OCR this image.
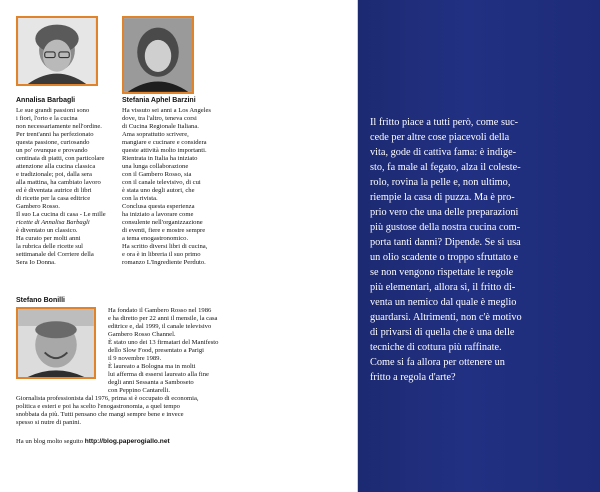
Annalisa Barbagli
Le sue grandi passioni sono
i fiori, l'orto e la cucina
non necessariamente nell'ordine.
Per trent'anni ha perfezionato
questa passione, curiosando
un po' ovunque e provando
centinaia di piatti, con particolare
attenzione alla cucina classica
e tradizionale; poi, dalla sera
alla mattina, ha cambiato lavoro
ed è diventata autrice di libri
di ricette per la casa editrice
Gambero Rosso.
Il suo La cucina di casa - Le mille
ricette di Annalisa Barbagli
è diventato un classico.
Ha curato per molti anni
la rubrica delle ricette sul
settimanale del Corriere della
Sera Io Donna.
Stefania Aphel Barzini
Ha vissuto sei anni a Los Angeles
dove, tra l'altro, teneva corsi
di Cucina Regionale Italiana.
Ama soprattutto scrivere,
mangiare e cucinare e considera
queste attività molto importanti.
Rientrata in Italia ha iniziato
una lunga collaborazione
con il Gambero Rosso, sia
con il canale televisivo, di cui
è stata uno degli autori, che
con la rivista.
Conclusa questa esperienza
ha iniziato a lavorare come
consulente nell'organizzazione
di eventi, fiere e mostre sempre
a tema enogastronomico.
Ha scritto diversi libri di cucina,
e ora è in libreria il suo primo
romanzo L'Ingrediente Perduto.
Stefano Bonilli
Ha fondato il Gambero Rosso nel 1986
e ha diretto per 22 anni il mensile, la casa
editrice e, dal 1999, il canale televisivo
Gambero Rosso Channel.
È stato uno dei 13 firmatari del Manifesto
dello Slow Food, presentato a Parigi
il 9 novembre 1989.
È laureato a Bologna ma in molti
lui afferma di essersi laureato alla fine
degli anni Sessanta a Samboseto
con Peppino Cantarelli.
Giornalista professionista dal 1976, prima si è occupato di economia,
politica e esteri e poi ha scelto l'enogastronomia, a quel tempo
snobbata da più. Tutti pensano che mangi sempre bene e invece
spesso si nutre di panini.
Ha un blog molto seguito http://blog.paperogiallo.net
Il fritto piace a tutti però, come suc-
cede per altre cose piacevoli della
vita, gode di cattiva fama: è indige-
sto, fa male al fegato, alza il coleste-
rolo, rovina la pelle e, non ultimo,
riempie la casa di puzza. Ma è pro-
prio vero che una delle preparazioni
più gustose della nostra cucina com-
porta tanti danni? Dipende. Se si usa
un olio scadente o troppo sfruttato e
se non vengono rispettate le regole
più elementari, allora sì, il fritto di-
venta un nemico dal quale è meglio
guardarsi. Altrimenti, non c'è motivo
di privarsi di quella che è una delle
tecniche di cottura più raffinate.
Come si fa allora per ottenere un
fritto a regola d'arte?
